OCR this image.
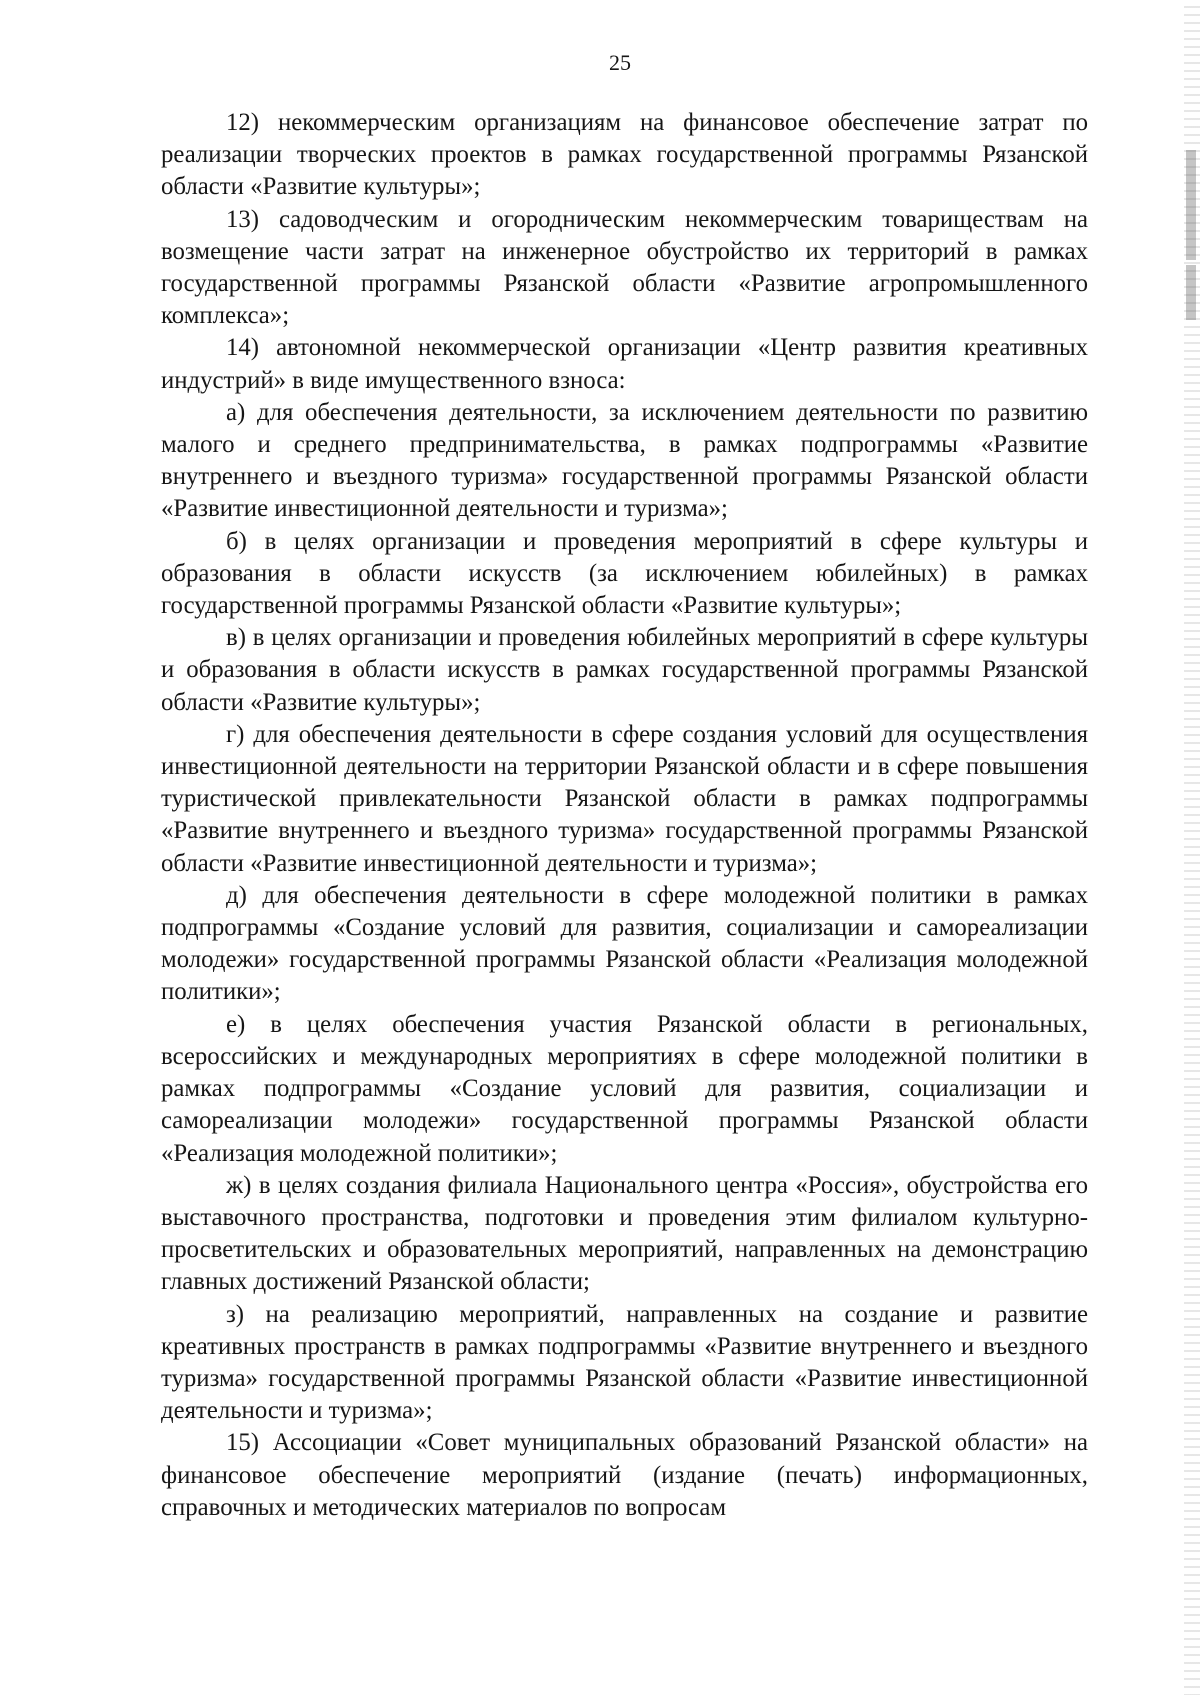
25

12) некоммерческим организациям на финансовое обеспечение затрат по реализации творческих проектов в рамках государственной программы Рязанской области «Развитие культуры»;

13) садоводческим и огородническим некоммерческим товариществам на возмещение части затрат на инженерное обустройство их территорий в рамках государственной программы Рязанской области «Развитие агропромышленного комплекса»;

14) автономной некоммерческой организации «Центр развития креативных индустрий» в виде имущественного взноса:

а) для обеспечения деятельности, за исключением деятельности по развитию малого и среднего предпринимательства, в рамках подпрограммы «Развитие внутреннего и въездного туризма» государственной программы Рязанской области «Развитие инвестиционной деятельности и туризма»;

б) в целях организации и проведения мероприятий в сфере культуры и образования в области искусств (за исключением юбилейных) в рамках государственной программы Рязанской области «Развитие культуры»;

в) в целях организации и проведения юбилейных мероприятий в сфере культуры и образования в области искусств в рамках государственной программы Рязанской области «Развитие культуры»;

г) для обеспечения деятельности в сфере создания условий для осуществления инвестиционной деятельности на территории Рязанской области и в сфере повышения туристической привлекательности Рязанской области в рамках подпрограммы «Развитие внутреннего и въездного туризма» государственной программы Рязанской области «Развитие инвестиционной деятельности и туризма»;

д) для обеспечения деятельности в сфере молодежной политики в рамках подпрограммы «Создание условий для развития, социализации и самореализации молодежи» государственной программы Рязанской области «Реализация молодежной политики»;

е) в целях обеспечения участия Рязанской области в региональных, всероссийских и международных мероприятиях в сфере молодежной политики в рамках подпрограммы «Создание условий для развития, социализации и самореализации молодежи» государственной программы Рязанской области «Реализация молодежной политики»;

ж) в целях создания филиала Национального центра «Россия», обустройства его выставочного пространства, подготовки и проведения этим филиалом культурно-просветительских и образовательных мероприятий, направленных на демонстрацию главных достижений Рязанской области;

з) на реализацию мероприятий, направленных на создание и развитие креативных пространств в рамках подпрограммы «Развитие внутреннего и въездного туризма» государственной программы Рязанской области «Развитие инвестиционной деятельности и туризма»;

15) Ассоциации «Совет муниципальных образований Рязанской области» на финансовое обеспечение мероприятий (издание (печать) информационных, справочных и методических материалов по вопросам
